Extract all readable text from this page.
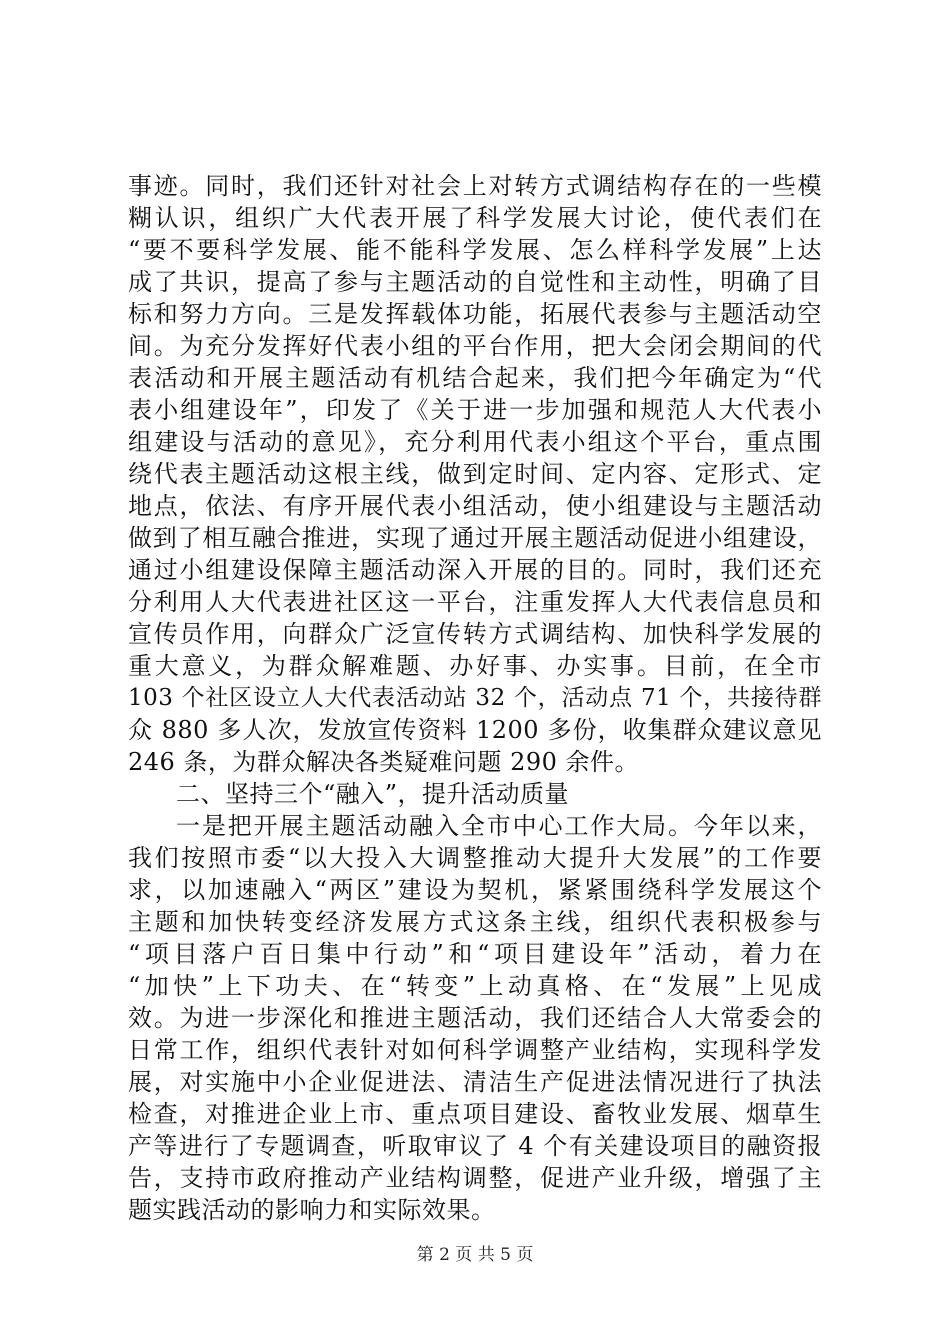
事迹。同时，我们还针对社会上对转方式调结构存在的一些模
糊认识，组织广大代表开展了科学发展大讨论，使代表们在
“要不要科学发展、能不能科学发展、怎么样科学发展”上达
成了共识，提高了参与主题活动的自觉性和主动性，明确了目
标和努力方向。三是发挥载体功能，拓展代表参与主题活动空
间。为充分发挥好代表小组的平台作用，把大会闭会期间的代
表活动和开展主题活动有机结合起来，我们把今年确定为“代
表小组建设年”，印发了《关于进一步加强和规范人大代表小
组建设与活动的意见》，充分利用代表小组这个平台，重点围
绕代表主题活动这根主线，做到定时间、定内容、定形式、定
地点，依法、有序开展代表小组活动，使小组建设与主题活动
做到了相互融合推进，实现了通过开展主题活动促进小组建设，
通过小组建设保障主题活动深入开展的目的。同时，我们还充
分利用人大代表进社区这一平台，注重发挥人大代表信息员和
宣传员作用，向群众广泛宣传转方式调结构、加快科学发展的
重大意义，为群众解难题、办好事、办实事。目前，在全市
103 个社区设立人大代表活动站 32 个，活动点 71 个，共接待群
众 880 多人次，发放宣传资料 1200 多份，收集群众建议意见
246 条，为群众解决各类疑难问题 290 余件。
二、坚持三个“融入”，提升活动质量
一是把开展主题活动融入全市中心工作大局。今年以来，
我们按照市委“以大投入大调整推动大提升大发展”的工作要
求，以加速融入“两区”建设为契机，紧紧围绕科学发展这个
主题和加快转变经济发展方式这条主线，组织代表积极参与
“项目落户百日集中行动”和“项目建设年”活动，着力在
“加快”上下功夫、在“转变”上动真格、在“发展”上见成
效。为进一步深化和推进主题活动，我们还结合人大常委会的
日常工作，组织代表针对如何科学调整产业结构，实现科学发
展，对实施中小企业促进法、清洁生产促进法情况进行了执法
检查，对推进企业上市、重点项目建设、畜牧业发展、烟草生
产等进行了专题调查，听取审议了 4 个有关建设项目的融资报
告，支持市政府推动产业结构调整，促进产业升级，增强了主
题实践活动的影响力和实际效果。
第 2 页 共 5 页
